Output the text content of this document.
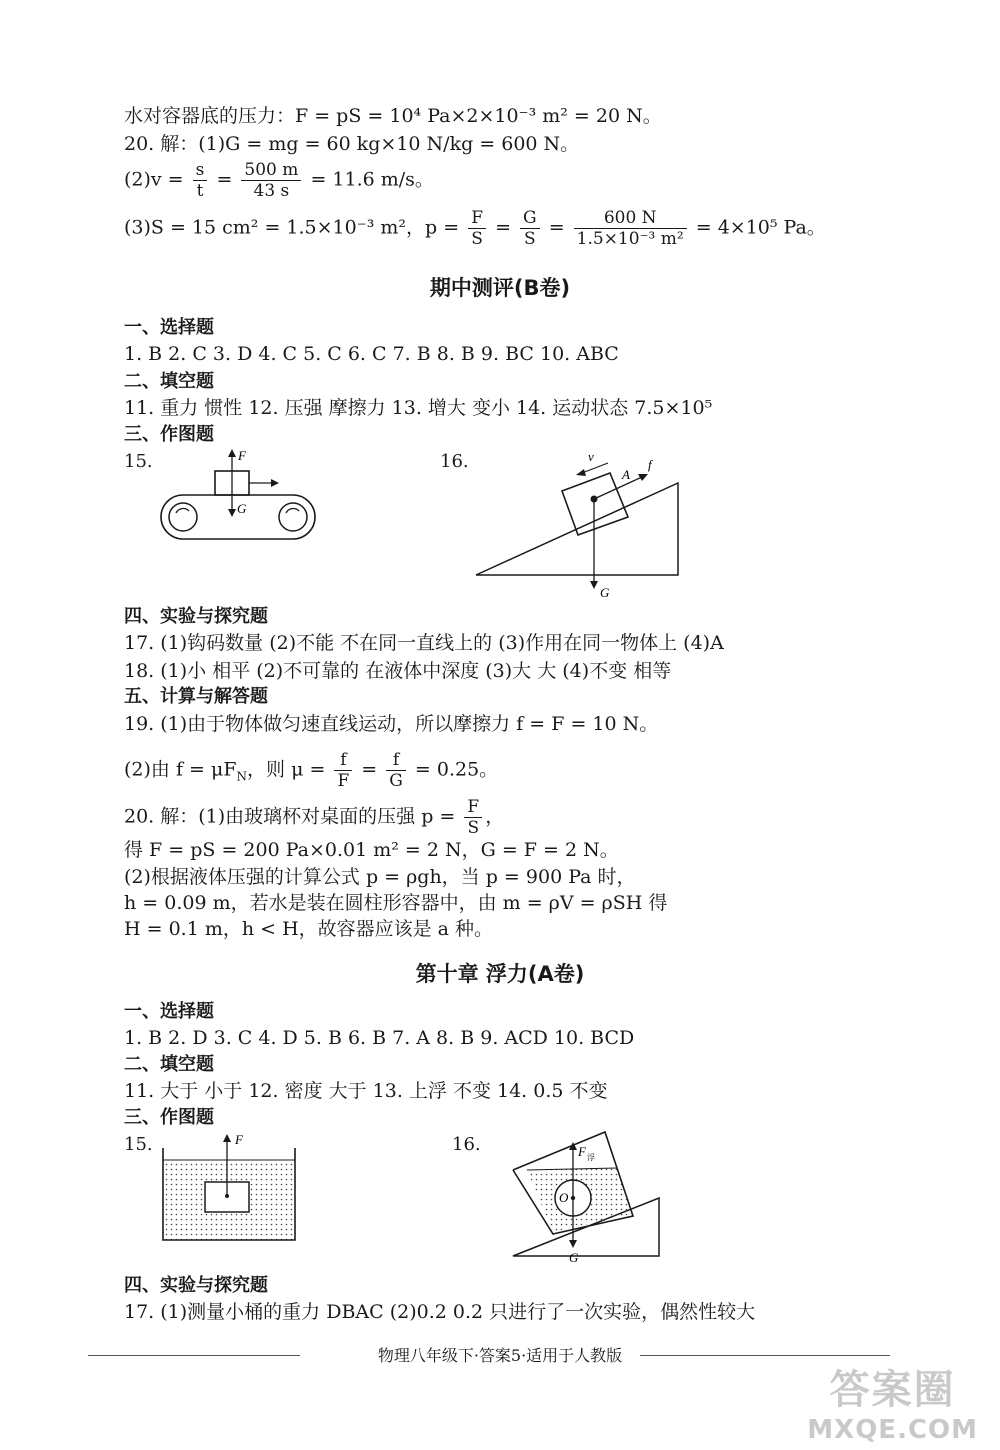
水对容器底的压力：F = pS = 10⁴ Pa×2×10⁻³ m² = 20 N。
20. 解：(1)G = mg = 60 kg×10 N/kg = 600 N。
$(2)v = \frac{s}{t} = \frac{500 m}{43 s} = 11.6$ m/s。
(3)S = 15 cm² = 1.5×10⁻³ m²，$p = \frac{F}{S} = \frac{G}{S} = \frac{600 N}{\text{1.5×10⁻³ m²}} = 4\times 10^5$ Pa。
期中测评(B卷)
一、选择题
1. B 2. C 3. D 4. C 5. C 6. C 7. B 8. B 9. BC 10. ABC
二、填空题
11. 重力 惯性 12. 压强 摩擦力 13. 增大 变小 14. 运动状态 7.5×10⁵
三、作图题
15.	16.
F
G
v
A
f
G
四、实验与探究题
17. (1)钩码数量 (2)不能 不在同一直线上的 (3)作用在同一物体上 (4)A
18. (1)小 相平 (2)不可靠的 在液体中深度 (3)大 大 (4)不变 相等
五、计算与解答题
19. (1)由于物体做匀速直线运动，所以摩擦力 f = F = 10 N。
(2)由 $f = \mu F_N$，则 $\mu = \frac{f}{F} = \frac{f}{G} = 0.25$。
20. 解：(1)由玻璃杯对桌面的压强 $p = \frac{F}{S}$ ，
得 F = pS = 200 Pa×0.01 m² = 2 N，G = F = 2 N。
(2)根据液体压强的计算公式 p = ρgh，当 p = 900 Pa 时，
h = 0.09 m，若水是装在圆柱形容器中，由 m = ρV = ρSH 得
H = 0.1 m，h < H，故容器应该是 a 种。
第十章 浮力(A卷)
一、选择题
1. B 2. D 3. C 4. D 5. B 6. B 7. A 8. B 9. ACD 10. BCD
二、填空题
11. 大于 小于 12. 密度 大于 13. 上浮 不变 14. 0.5 不变
三、作图题
15.	16.
F
F 浮
O
G
四、实验与探究题
17. (1)测量小桶的重力 DBAC (2)0.2 0.2 只进行了一次实验，偶然性较大
物理八年级下·答案5·适用于人教版
答案圈
MXQE.COM
